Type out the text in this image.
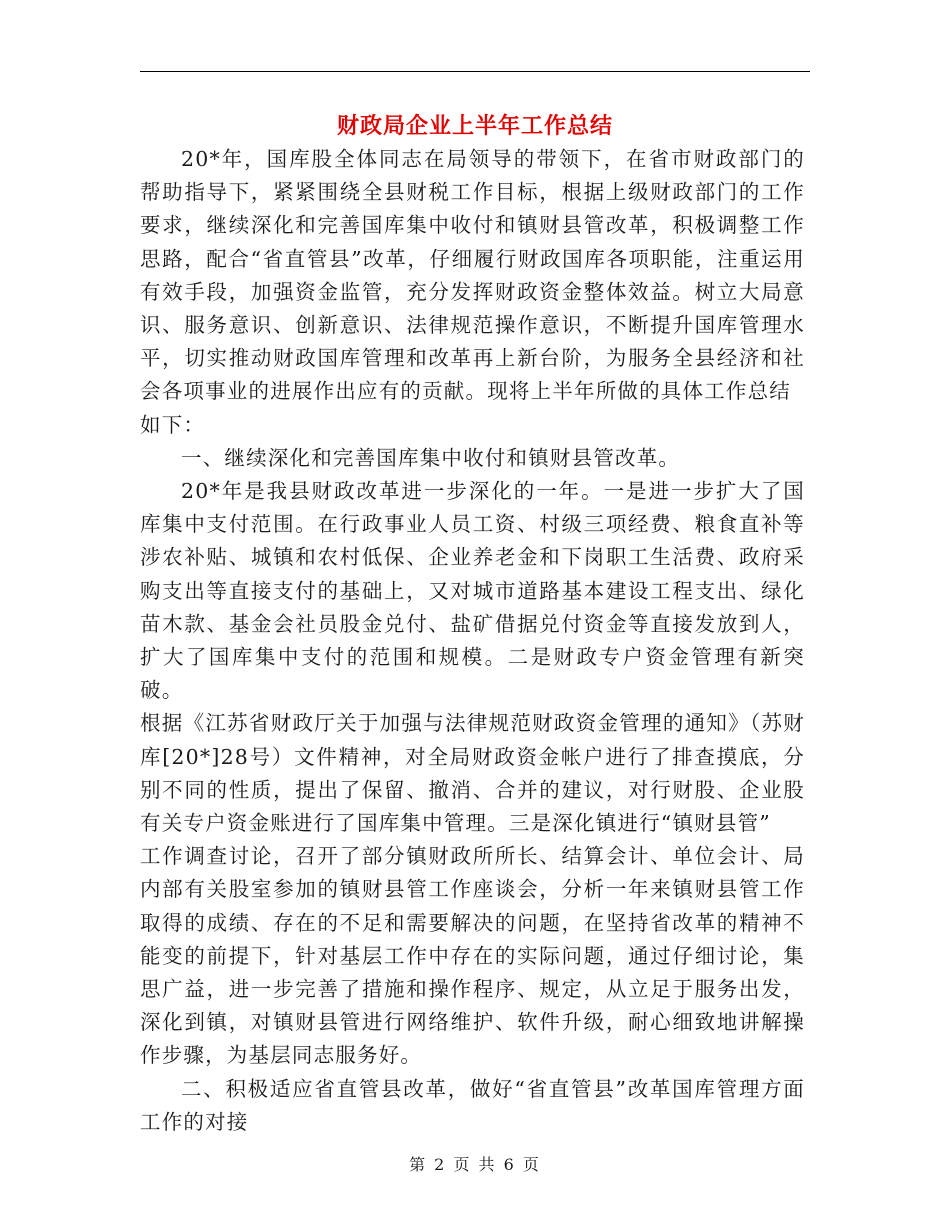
财政局企业上半年工作总结

20*年，国库股全体同志在局领导的带领下，在省市财政部门的帮助指导下，紧紧围绕全县财税工作目标，根据上级财政部门的工作要求，继续深化和完善国库集中收付和镇财县管改革，积极调整工作思路，配合“省直管县”改革，仔细履行财政国库各项职能，注重运用有效手段，加强资金监管，充分发挥财政资金整体效益。树立大局意识、服务意识、创新意识、法律规范操作意识，不断提升国库管理水平，切实推动财政国库管理和改革再上新台阶，为服务全县经济和社会各项事业的进展作出应有的贡献。现将上半年所做的具体工作总结

如下：

一、继续深化和完善国库集中收付和镇财县管改革。

20*年是我县财政改革进一步深化的一年。一是进一步扩大了国库集中支付范围。在行政事业人员工资、村级三项经费、粮食直补等涉农补贴、城镇和农村低保、企业养老金和下岗职工生活费、政府采购支出等直接支付的基础上，又对城市道路基本建设工程支出、绿化苗木款、基金会社员股金兑付、盐矿借据兑付资金等直接发放到人，扩大了国库集中支付的范围和规模。二是财政专户资金管理有新突破。

根据《江苏省财政厅关于加强与法律规范财政资金管理的通知》（苏财库[20*]28号）文件精神，对全局财政资金帐户进行了排查摸底，分别不同的性质，提出了保留、撤消、合并的建议，对行财股、企业股有关专户资金账进行了国库集中管理。三是深化镇进行“镇财县管”

工作调查讨论，召开了部分镇财政所所长、结算会计、单位会计、局内部有关股室参加的镇财县管工作座谈会，分析一年来镇财县管工作取得的成绩、存在的不足和需要解决的问题，在坚持省改革的精神不能变的前提下，针对基层工作中存在的实际问题，通过仔细讨论，集思广益，进一步完善了措施和操作程序、规定，从立足于服务出发，深化到镇，对镇财县管进行网络维护、软件升级，耐心细致地讲解操作步骤，为基层同志服务好。

二、积极适应省直管县改革，做好“省直管县”改革国库管理方面工作的对接

第 2 页 共 6 页
